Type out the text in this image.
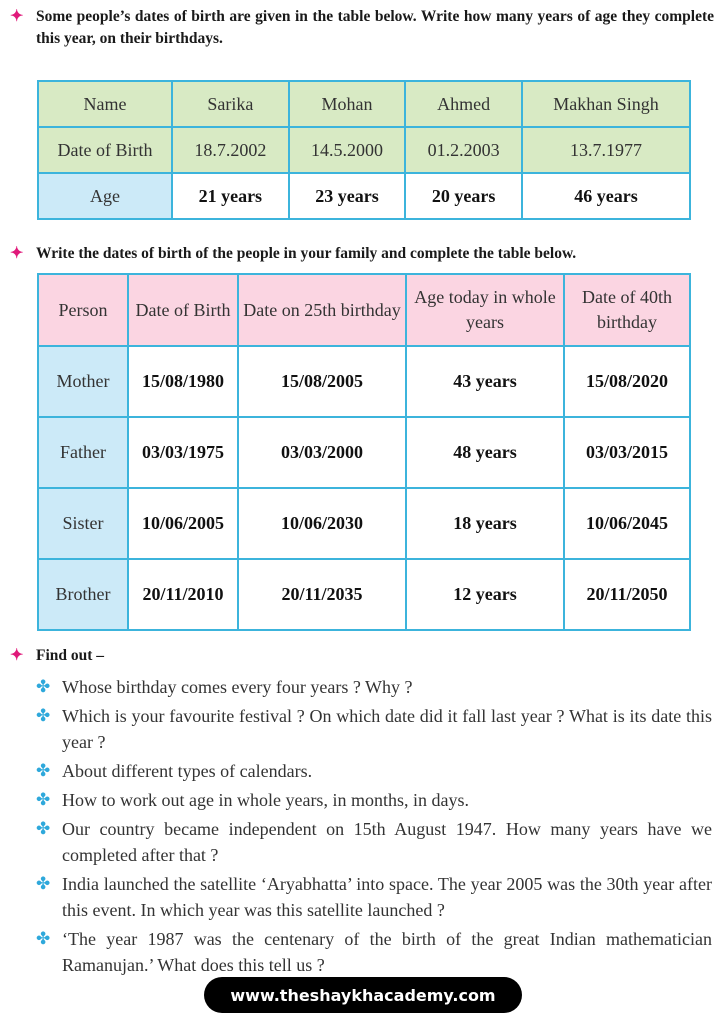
✦ Some people’s dates of birth are given in the table below. Write how many years of age they complete this year, on their birthdays.
Name	Sarika	Mohan	Ahmed	Makhan Singh
Date of Birth	18.7.2002	14.5.2000	01.2.2003	13.7.1977
Age	21 years	23 years	20 years	46 years
✦ Write the dates of birth of the people in your family and complete the table below.
Person	Date of Birth	Date on 25th birthday	Age today in whole years	Date of 40th birthday
Mother	15/08/1980	15/08/2005	43 years	15/08/2020
Father	03/03/1975	03/03/2000	48 years	03/03/2015
Sister	10/06/2005	10/06/2030	18 years	10/06/2045
Brother	20/11/2010	20/11/2035	12 years	20/11/2050
✦ Find out –
✤ Whose birthday comes every four years ? Why ?
✤ Which is your favourite festival ? On which date did it fall last year ? What is its date this year ?
✤ About different types of calendars.
✤ How to work out age in whole years, in months, in days.
✤ Our country became independent on 15th August 1947. How many years have we completed after that ?
✤ India launched the satellite ‘Aryabhatta’ into space. The year 2005 was the 30th year after this event. In which year was this satellite launched ?
✤ ‘The year 1987 was the centenary of the birth of the great Indian mathematician Ramanujan.’ What does this tell us ?
www.theshaykhacademy.com
